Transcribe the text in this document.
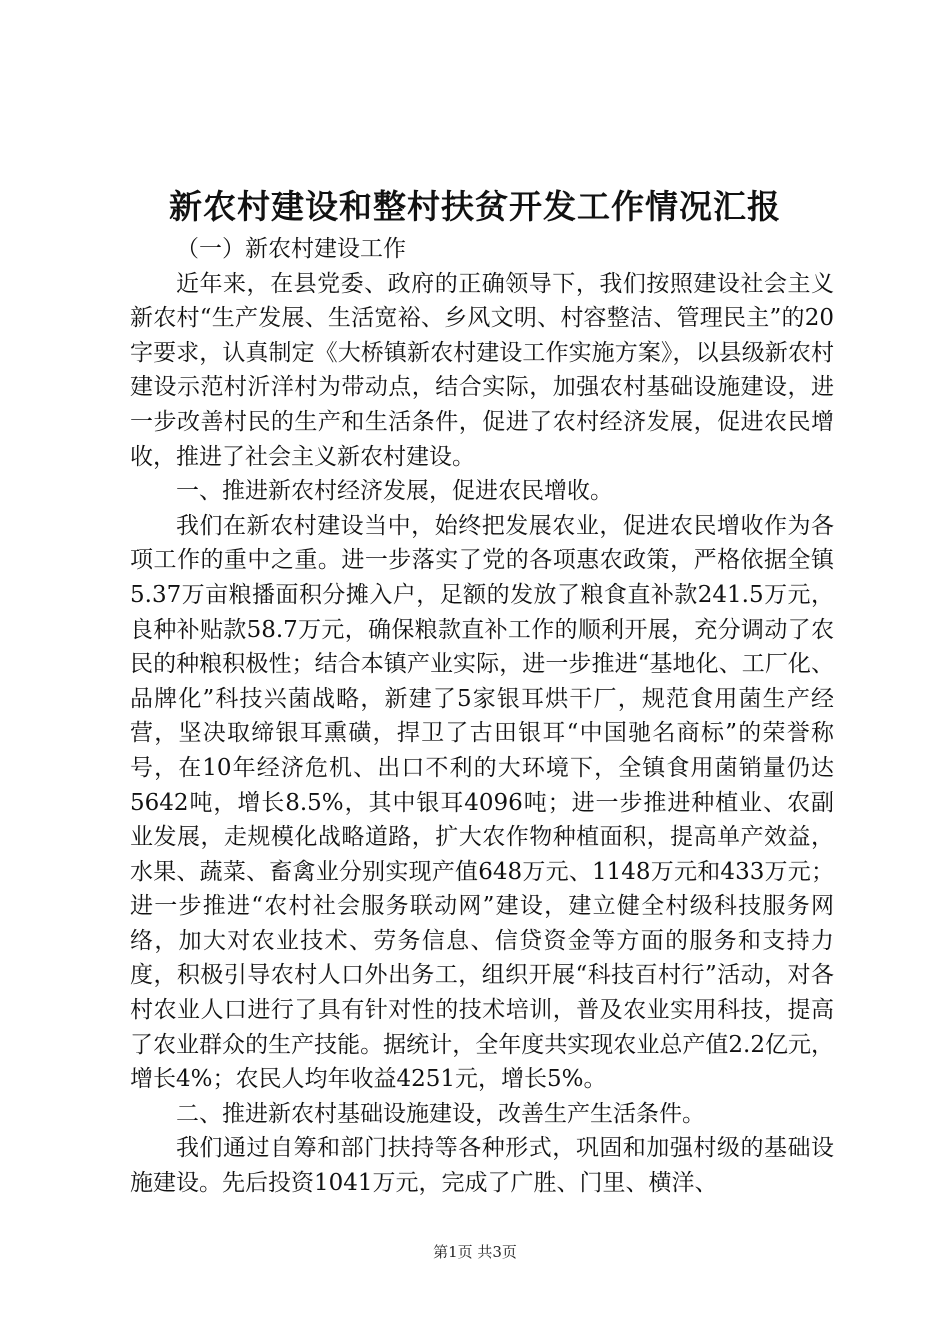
新农村建设和整村扶贫开发工作情况汇报

（一）新农村建设工作

近年来，在县党委、政府的正确领导下，我们按照建设社会主义新农村“生产发展、生活宽裕、乡风文明、村容整洁、管理民主”的20字要求，认真制定《大桥镇新农村建设工作实施方案》，以县级新农村建设示范村沂洋村为带动点，结合实际，加强农村基础设施建设，进一步改善村民的生产和生活条件，促进了农村经济发展，促进农民增收，推进了社会主义新农村建设。

一、推进新农村经济发展，促进农民增收。

我们在新农村建设当中，始终把发展农业，促进农民增收作为各项工作的重中之重。进一步落实了党的各项惠农政策，严格依据全镇5.37万亩粮播面积分摊入户，足额的发放了粮食直补款241.5万元，良种补贴款58.7万元，确保粮款直补工作的顺利开展，充分调动了农民的种粮积极性；结合本镇产业实际，进一步推进“基地化、工厂化、品牌化”科技兴菌战略，新建了5家银耳烘干厂，规范食用菌生产经营，坚决取缔银耳熏磺，捍卫了古田银耳“中国驰名商标”的荣誉称号，在10年经济危机、出口不利的大环境下，全镇食用菌销量仍达5642吨，增长8.5%，其中银耳4096吨；进一步推进种植业、农副业发展，走规模化战略道路，扩大农作物种植面积，提高单产效益，水果、蔬菜、畜禽业分别实现产值648万元、1148万元和433万元；进一步推进“农村社会服务联动网”建设，建立健全村级科技服务网络，加大对农业技术、劳务信息、信贷资金等方面的服务和支持力度，积极引导农村人口外出务工，组织开展“科技百村行”活动，对各村农业人口进行了具有针对性的技术培训，普及农业实用科技，提高了农业群众的生产技能。据统计，全年度共实现农业总产值2.2亿元，增长4%；农民人均年收益4251元，增长5%。

二、推进新农村基础设施建设，改善生产生活条件。

我们通过自筹和部门扶持等各种形式，巩固和加强村级的基础设施建设。先后投资1041万元，完成了广胜、门里、横洋、

第1页 共3页
